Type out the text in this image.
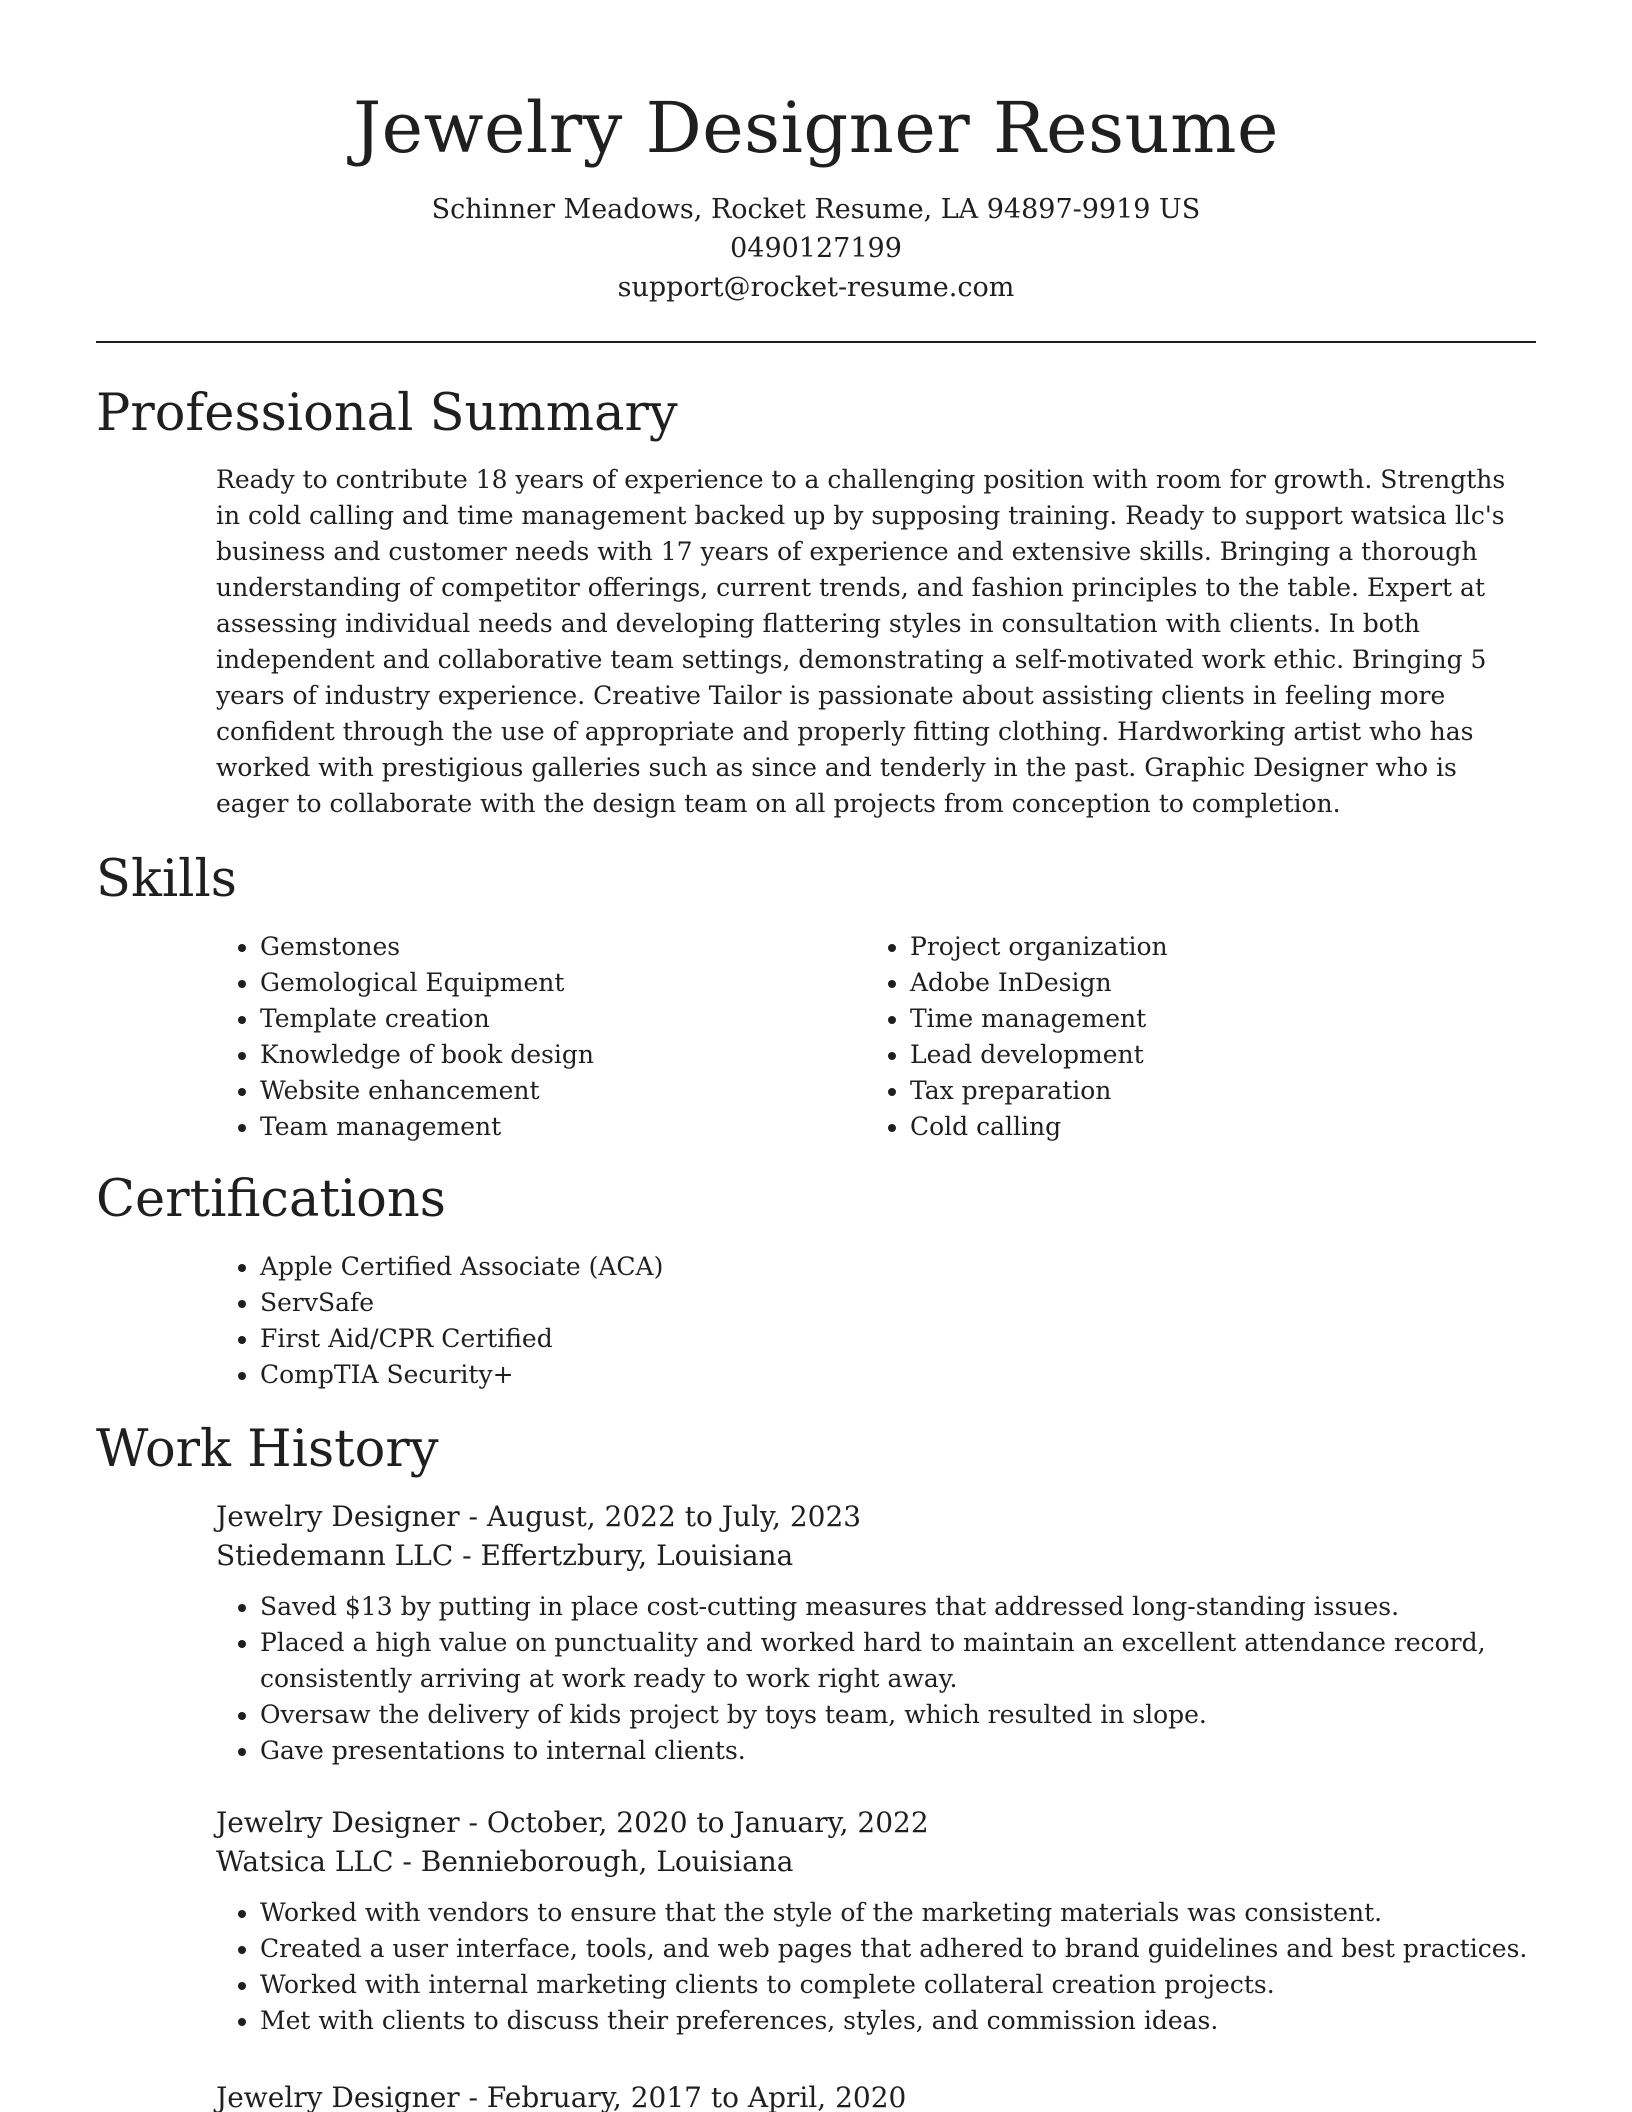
Jewelry Designer Resume

Schinner Meadows, Rocket Resume, LA 94897-9919 US

0490127199

support@rocket-resume.com

Professional Summary

Ready to contribute 18 years of experience to a challenging position with room for growth. Strengths in cold calling and time management backed up by supposing training. Ready to support watsica llc's business and customer needs with 17 years of experience and extensive skills. Bringing a thorough understanding of competitor offerings, current trends, and fashion principles to the table. Expert at assessing individual needs and developing flattering styles in consultation with clients. In both independent and collaborative team settings, demonstrating a self-motivated work ethic. Bringing 5 years of industry experience. Creative Tailor is passionate about assisting clients in feeling more confident through the use of appropriate and properly fitting clothing. Hardworking artist who has worked with prestigious galleries such as since and tenderly in the past. Graphic Designer who is eager to collaborate with the design team on all projects from conception to completion.

Skills
• Gemstones
• Gemological Equipment
• Template creation
• Knowledge of book design
• Website enhancement
• Team management
• Project organization
• Adobe InDesign
• Time management
• Lead development
• Tax preparation
• Cold calling
Certifications
• Apple Certified Associate (ACA)
• ServSafe
• First Aid/CPR Certified
• CompTIA Security+
Work History

Jewelry Designer - August, 2022 to July, 2023

Stiedemann LLC - Effertzbury, Louisiana

• Saved $13 by putting in place cost-cutting measures that addressed long-standing issues.
• Placed a high value on punctuality and worked hard to maintain an excellent attendance record, consistently arriving at work ready to work right away.
• Oversaw the delivery of kids project by toys team, which resulted in slope.
• Gave presentations to internal clients.

Jewelry Designer - October, 2020 to January, 2022

Watsica LLC - Bennieborough, Louisiana

• Worked with vendors to ensure that the style of the marketing materials was consistent.
• Created a user interface, tools, and web pages that adhered to brand guidelines and best practices.
• Worked with internal marketing clients to complete collateral creation projects.
• Met with clients to discuss their preferences, styles, and commission ideas.

Jewelry Designer - February, 2017 to April, 2020
